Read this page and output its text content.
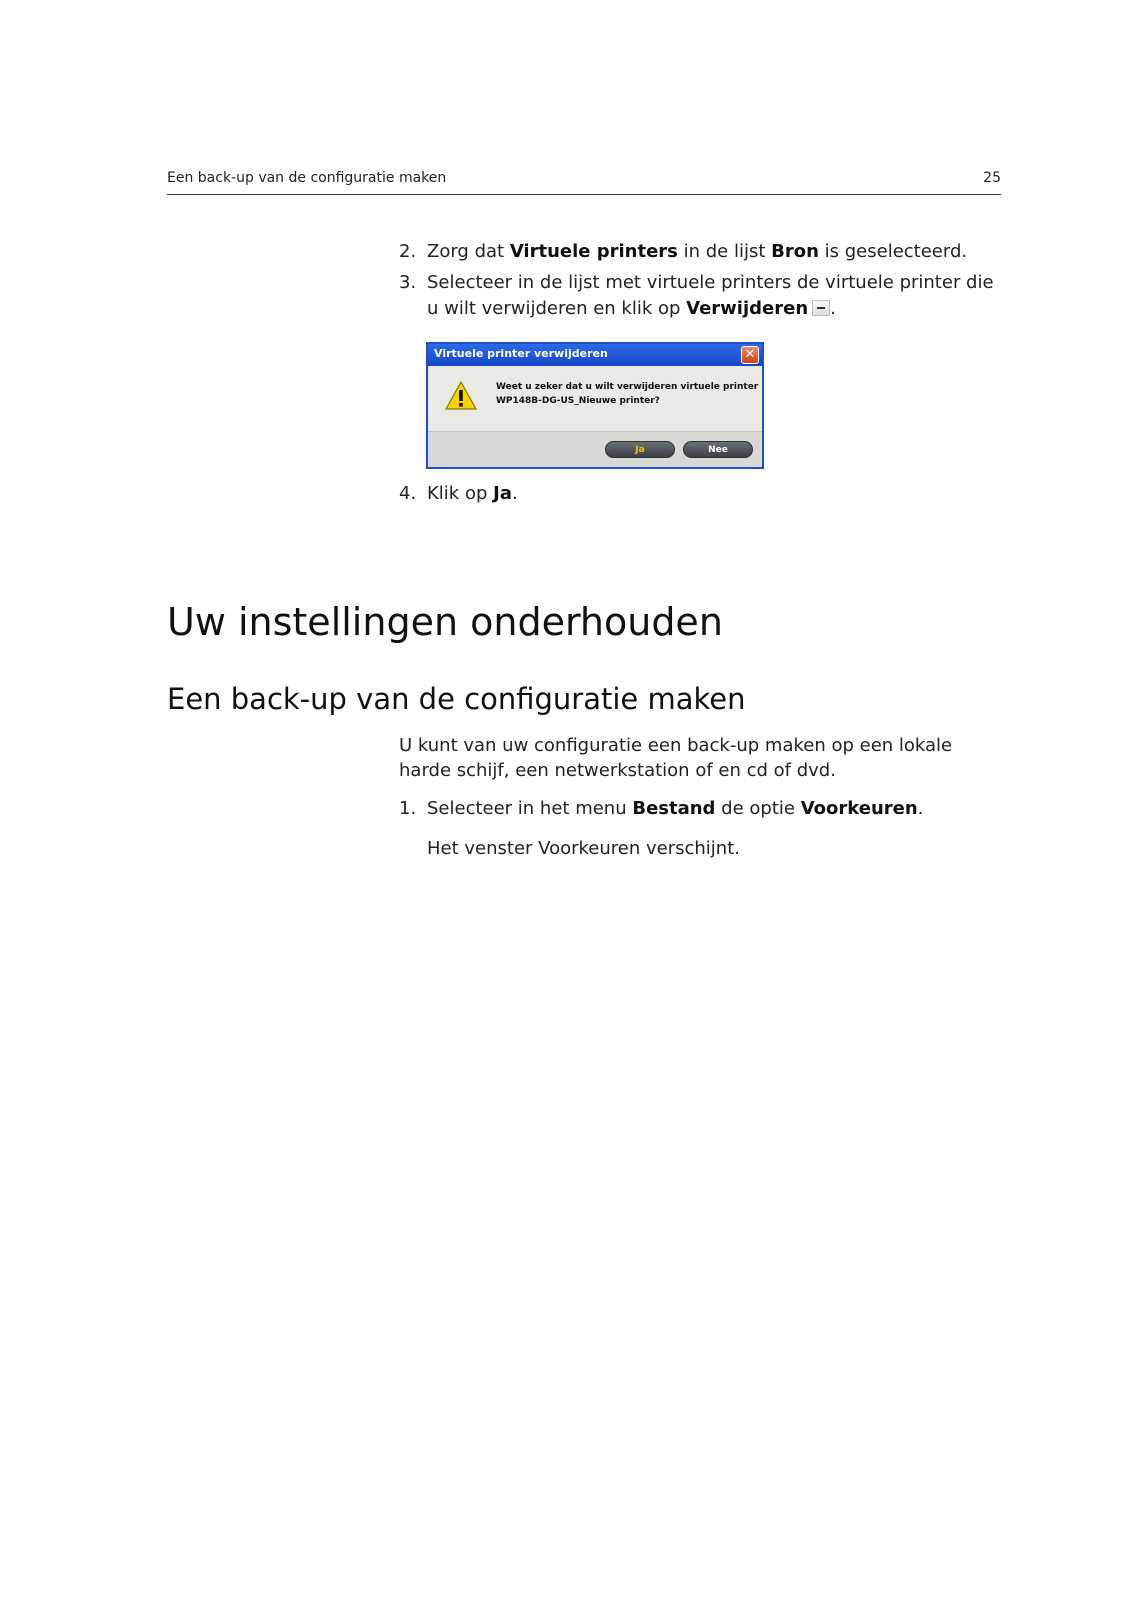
Een back-up van de configuratie maken	25
2. Zorg dat Virtuele printers in de lijst Bron is geselecteerd.
3. Selecteer in de lijst met virtuele printers de virtuele printer die u wilt verwijderen en klik op Verwijderen .
Virtuele printer verwijderen	✕
Weet u zeker dat u wilt verwijderen virtuele printer
WP148B-DG-US_Nieuwe printer?
Ja	Nee
4. Klik op Ja.
Uw instellingen onderhouden
Een back-up van de configuratie maken
U kunt van uw configuratie een back-up maken op een lokale harde schijf, een netwerkstation of en cd of dvd.
1. Selecteer in het menu Bestand de optie Voorkeuren.
Het venster Voorkeuren verschijnt.
